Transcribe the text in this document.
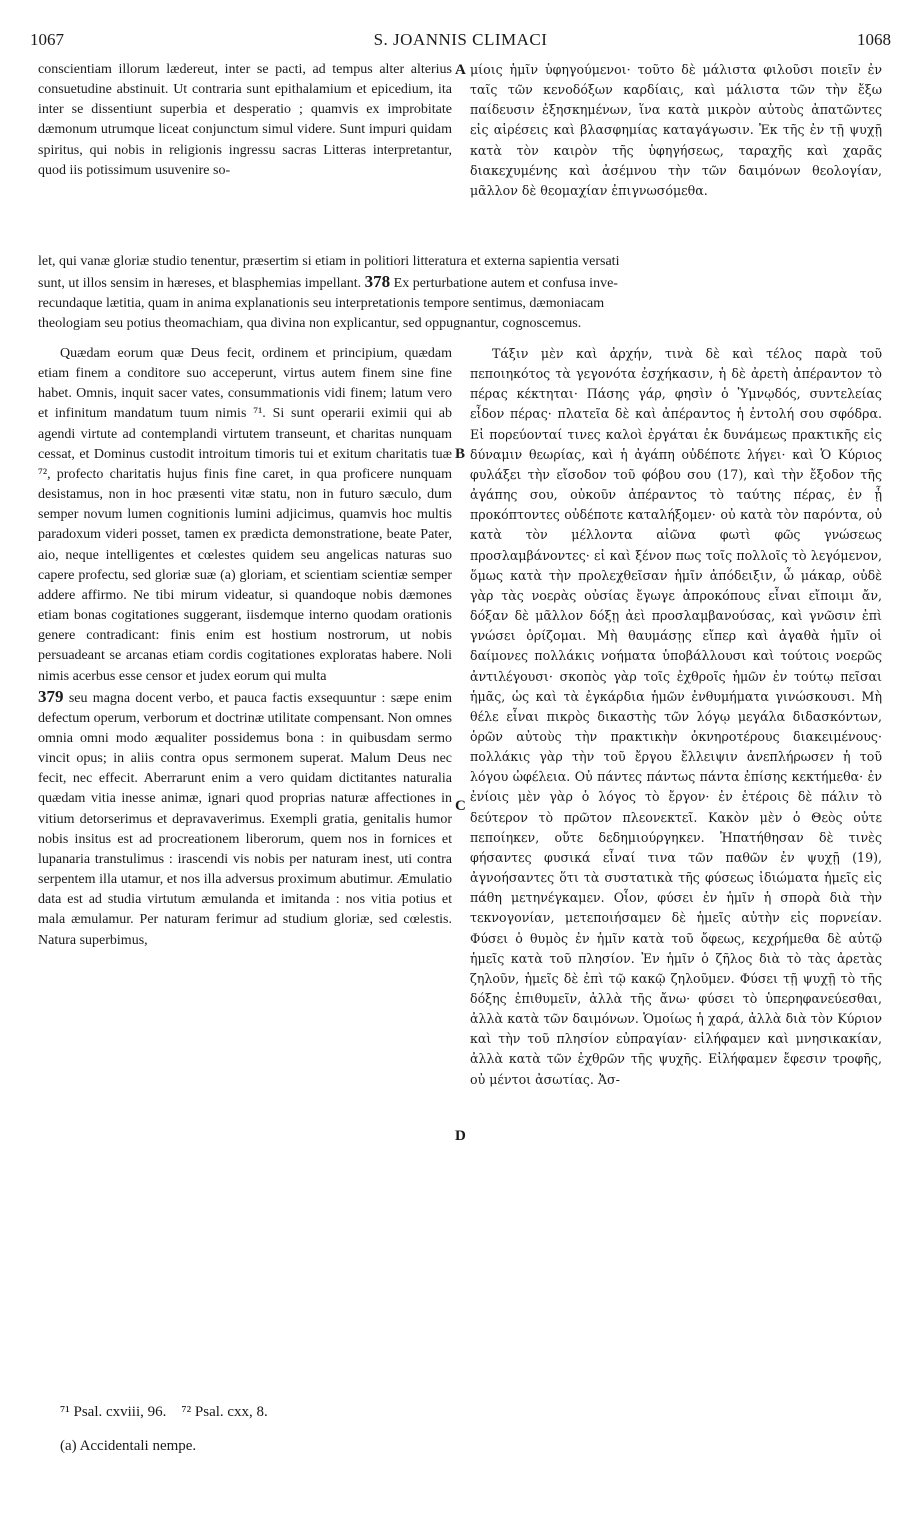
1067	S. JOANNIS CLIMACI	1068

conscientiam illorum lædereut, inter se pacti, ad tempus alter alterius consuetudine abstinuit. Ut contraria sunt epithalamium et epicedium, ita inter se dissentiunt superbia et desperatio ; quamvis ex improbitate dæmonum utrumque liceat conjunctum simul videre. Sunt impuri quidam spiritus, qui nobis in religionis ingressu sacras Litteras interpretantur, quod iis potissimum usuvenire so-

μίοις ἡμῖν ὑφηγούμενοι· τοῦτο δὲ μάλιστα φιλοῦσι ποιεῖν ἐν ταῖς τῶν κενοδόξων καρδίαις, καὶ μάλιστα τῶν τὴν ἔξω παίδευσιν ἐξησκημένων, ἵνα κατὰ μικρὸν αὐτοὺς ἀπατῶντες εἰς αἱρέσεις καὶ βλασφημίας καταγάγωσιν. Ἐκ τῆς ἐν τῇ ψυχῇ κατὰ τὸν καιρὸν τῆς ὑφηγήσεως, ταραχῆς καὶ χαρᾶς διακεχυμένης καὶ ἀσέμνου τὴν τῶν δαιμόνων θεολογίαν, μᾶλλον δὲ θεομαχίαν ἐπιγνωσόμεθα.

A

let, qui vanæ gloriæ studio tenentur, præsertim si etiam in politiori litteratura et externa sapientia versati

sunt, ut illos sensim in hæreses, et blasphemias impellant. 378 Ex perturbatione autem et confusa inve-

recundaque lætitia, quam in anima explanationis seu interpretationis tempore sentimus, dæmoniacam

theologiam seu potius theomachiam, qua divina non explicantur, sed oppugnantur, cognoscemus.

Quædam eorum quæ Deus fecit, ordinem et principium, quædam etiam finem a conditore suo acceperunt, virtus autem finem sine fine habet. Omnis, inquit sacer vates, consummationis vidi finem; latum vero et infinitum mandatum tuum nimis ⁷¹. Si sunt operarii eximii qui ab agendi virtute ad contemplandi virtutem transeunt, et charitas nunquam cessat, et Dominus custodit introitum timoris tui et exitum charitatis tuæ ⁷², profecto charitatis hujus finis fine caret, in qua proficere nunquam desistamus, non in hoc præsenti vitæ statu, non in futuro sæculo, dum semper novum lumen cognitionis lumini adjicimus, quamvis hoc multis paradoxum videri posset, tamen ex prædicta demonstratione, beate Pater, aio, neque intelligentes et cœlestes quidem seu angelicas naturas suo capere profectu, sed gloriæ suæ (a) gloriam, et scientiam scientiæ semper addere affirmo. Ne tibi mirum videatur, si quandoque nobis dæmones etiam bonas cogitationes suggerant, iisdemque interno quodam orationis genere contradicant: finis enim est hostium nostrorum, ut nobis persuadeant se arcanas etiam cordis cogitationes exploratas habere. Noli nimis acerbus esse censor et judex eorum qui multa

379 seu magna docent verbo, et pauca factis exsequuntur : sæpe enim defectum operum, verborum et doctrinæ utilitate compensant. Non omnes omnia omni modo æqualiter possidemus bona : in quibusdam sermo vincit opus; in aliis contra opus sermonem superat. Malum Deus nec fecit, nec effecit. Aberrarunt enim a vero quidam dictitantes naturalia quædam vitia inesse animæ, ignari quod proprias naturæ affectiones in vitium detorserimus et depravaverimus. Exempli gratia, genitalis humor nobis insitus est ad procreationem liberorum, quem nos in fornices et lupanaria transtulimus : irascendi vis nobis per naturam inest, uti contra serpentem illa utamur, et nos illa adversus proximum abutimur. Æmulatio data est ad studia virtutum æmulanda et imitanda : nos vitia potius et mala æmulamur. Per naturam ferimur ad studium gloriæ, sed cœlestis. Natura superbimus,

Τάξιν μὲν καὶ ἀρχήν, τινὰ δὲ καὶ τέλος παρὰ τοῦ πεποιηκότος τὰ γεγονότα ἐσχήκασιν, ἡ δὲ ἀρετὴ ἀπέραντον τὸ πέρας κέκτηται· Πάσης γάρ, φησὶν ὁ Ὑμνῳδός, συντελείας εἶδον πέρας· πλατεῖα δὲ καὶ ἀπέραντος ἡ ἐντολή σου σφόδρα. Εἰ πορεύονταί τινες καλοὶ ἐργάται ἐκ δυνάμεως πρακτικῆς εἰς δύναμιν θεωρίας, καὶ ἡ ἀγάπη οὐδέποτε λήγει· καὶ Ὁ Κύριος φυλάξει τὴν εἴσοδον τοῦ φόβου σου (17), καὶ τὴν ἔξοδον τῆς ἀγάπης σου, οὐκοῦν ἀπέραντος τὸ ταύτης πέρας, ἐν ᾗ προκόπτοντες οὐδέποτε καταλήξομεν· οὐ κατὰ τὸν παρόντα, οὐ κατὰ τὸν μέλλοντα αἰῶνα φωτὶ φῶς γνώσεως προσλαμβάνοντες· εἰ καὶ ξένον πως τοῖς πολλοῖς τὸ λεγόμενον, ὅμως κατὰ τὴν προλεχθεῖσαν ἡμῖν ἀπόδειξιν, ὦ μάκαρ, οὐδὲ γὰρ τὰς νοερὰς οὐσίας ἔγωγε ἀπροκόπους εἶναι εἴποιμι ἄν, δόξαν δὲ μᾶλλον δόξῃ ἀεὶ προσλαμβανούσας, καὶ γνῶσιν ἐπὶ γνώσει ὁρίζομαι. Μὴ θαυμάσῃς εἴπερ καὶ ἀγαθὰ ἡμῖν οἱ δαίμονες πολλάκις νοήματα ὑποβάλλουσι καὶ τούτοις νοερῶς ἀντιλέγουσι· σκοπὸς γὰρ τοῖς ἐχθροῖς ἡμῶν ἐν τούτῳ πεῖσαι ἡμᾶς, ὡς καὶ τὰ ἐγκάρδια ἡμῶν ἐνθυμήματα γινώσκουσι. Μὴ θέλε εἶναι πικρὸς δικαστὴς τῶν λόγῳ μεγάλα διδασκόντων, ὁρῶν αὐτοὺς τὴν πρακτικὴν ὀκνηροτέρους διακειμένους· πολλάκις γὰρ τὴν τοῦ ἔργου ἔλλειψιν ἀνεπλήρωσεν ἡ τοῦ λόγου ὠφέλεια. Οὐ πάντες πάντως πάντα ἐπίσης κεκτήμεθα· ἐν ἐνίοις μὲν γὰρ ὁ λόγος τὸ ἔργον· ἐν ἑτέροις δὲ πάλιν τὸ δεύτερον τὸ πρῶτον πλεονεκτεῖ. Κακὸν μὲν ὁ Θεὸς οὐτε πεποίηκεν, οὔτε δεδημιούργηκεν. Ἠπατήθησαν δὲ τινὲς φήσαντες φυσικά εἶναί τινα τῶν παθῶν ἐν ψυχῇ (19), ἀγνοήσαντες ὅτι τὰ συστατικὰ τῆς φύσεως ἰδιώματα ἡμεῖς εἰς πάθη μετηνέγκαμεν. Οἷον, φύσει ἐν ἡμῖν ἡ σπορὰ διὰ τὴν τεκνογονίαν, μετεποιήσαμεν δὲ ἡμεῖς αὐτὴν εἰς πορνείαν. Φύσει ὁ θυμὸς ἐν ἡμῖν κατὰ τοῦ ὄφεως, κεχρήμεθα δὲ αὐτῷ ἡμεῖς κατὰ τοῦ πλησίον. Ἐν ἡμῖν ὁ ζῆλος διὰ τὸ τὰς ἀρετὰς ζηλοῦν, ἡμεῖς δὲ ἐπὶ τῷ κακῷ ζηλοῦμεν. Φύσει τῇ ψυχῇ τὸ τῆς δόξης ἐπιθυμεῖν, ἀλλὰ τῆς ἄνω· φύσει τὸ ὑπερηφανεύεσθαι, ἀλλὰ κατὰ τῶν δαιμόνων. Ὁμοίως ἡ χαρά, ἀλλὰ διὰ τὸν Κύριον καὶ τὴν τοῦ πλησίον εὐπραγίαν· εἰλήφαμεν καὶ μνησικακίαν, ἀλλὰ κατὰ τῶν ἐχθρῶν τῆς ψυχῆς. Εἰλήφαμεν ἔφεσιν τροφῆς, οὐ μέντοι ἀσωτίας. Ἀσ-

B
C
D
⁷¹ Psal. cxviii, 96. ⁷² Psal. cxx, 8.
(a) Accidentali nempe.
